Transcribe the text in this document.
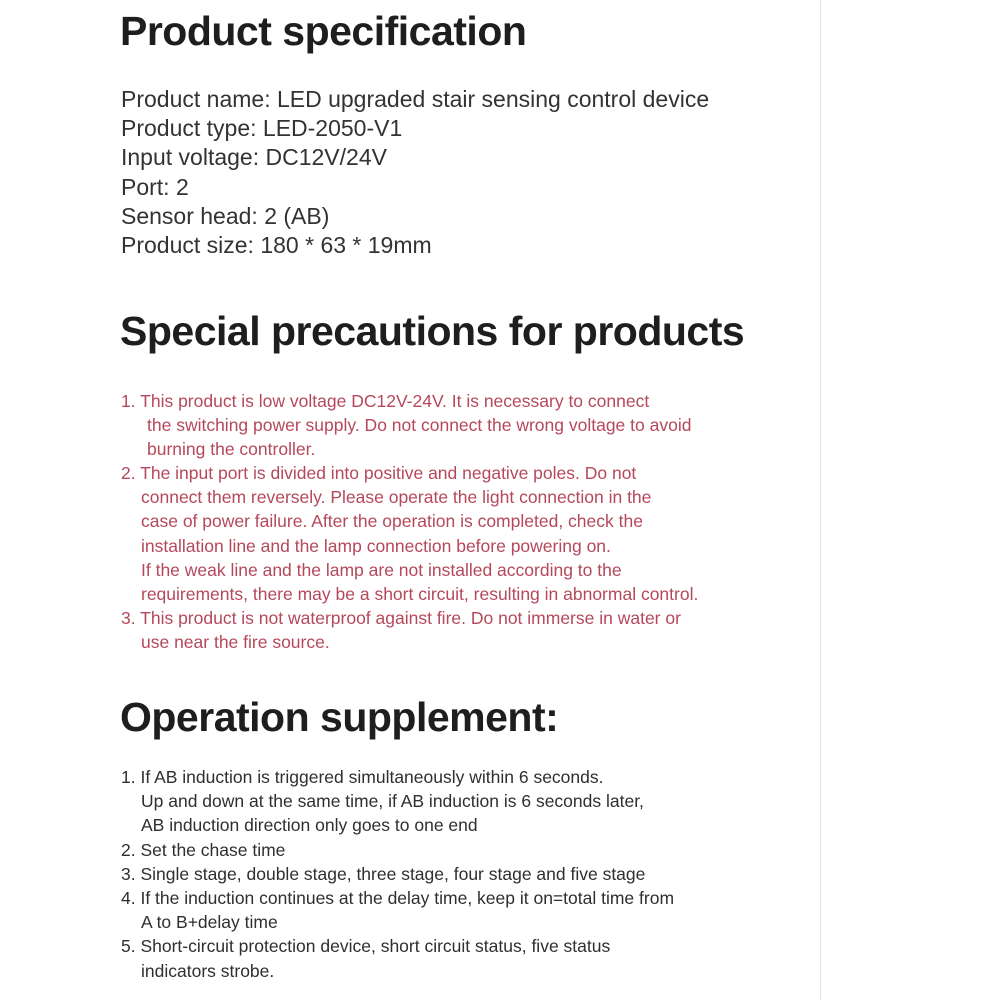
Product specification
Product name: LED upgraded stair sensing control device
Product type: LED-2050-V1
Input voltage: DC12V/24V
Port: 2
Sensor head: 2 (AB)
Product size: 180 * 63 * 19mm
Special precautions for products
1. This product is low voltage DC12V-24V. It is necessary to connect
the switching power supply. Do not connect the wrong voltage to avoid
burning the controller.
2. The input port is divided into positive and negative poles. Do not
connect them reversely. Please operate the light connection in the
case of power failure. After the operation is completed, check the
installation line and the lamp connection before powering on.
If the weak line and the lamp are not installed according to the
requirements, there may be a short circuit, resulting in abnormal control.
3. This product is not waterproof against fire. Do not immerse in water or
use near the fire source.
Operation supplement:
1. If AB induction is triggered simultaneously within 6 seconds.
Up and down at the same time, if AB induction is 6 seconds later,
AB induction direction only goes to one end
2. Set the chase time
3. Single stage, double stage, three stage, four stage and five stage
4. If the induction continues at the delay time, keep it on=total time from
A to B+delay time
5. Short-circuit protection device, short circuit status, five status
indicators strobe.
